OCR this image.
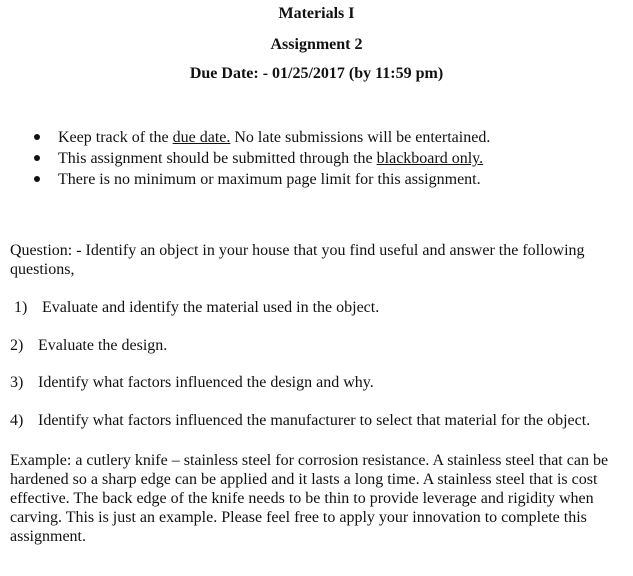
Materials I
Assignment 2
Due Date: - 01/25/2017 (by 11:59 pm)
Keep track of the due date. No late submissions will be entertained.
This assignment should be submitted through the blackboard only.
There is no minimum or maximum page limit for this assignment.

Question: - Identify an object in your house that you find useful and answer the following questions,

1) Evaluate and identify the material used in the object.
2) Evaluate the design.
3) Identify what factors influenced the design and why.
4) Identify what factors influenced the manufacturer to select that material for the object.

Example: a cutlery knife – stainless steel for corrosion resistance. A stainless steel that can be hardened so a sharp edge can be applied and it lasts a long time. A stainless steel that is cost effective. The back edge of the knife needs to be thin to provide leverage and rigidity when carving. This is just an example. Please feel free to apply your innovation to complete this assignment.
